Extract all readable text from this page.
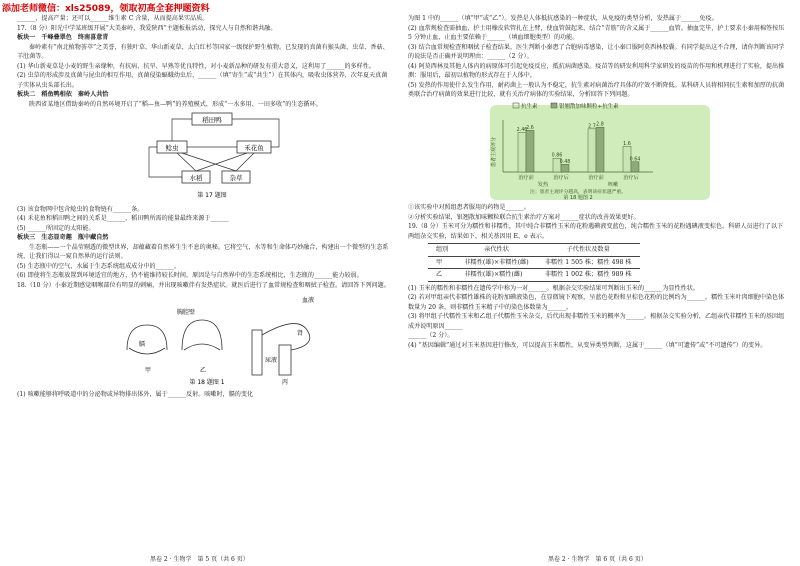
添加老师微信：xls25089，领取初高全套押题资料

______，提高产量；还可以______维生素 C 含量，从而提高果实品质。

17.（8 分）阳光中学某班级开展“大美秦岭，我爱陕西”主题板报活动，探究人与自然和谐共融。

板块一　千峰叠翠色　终南喜意青

秦岭素有“南北植物荟萃”之美誉，有独叶草、华山新麦草、太白红杉等国家一级保护野生植物。已发现的真菌有猴头菌、虫草、香菇、羊肚菌等。

(1) 华山新麦草是小麦的野生亲缘种，有抗病、抗旱、早熟等优良特性，对小麦新品种的研发有重大意义，这利用了______的多样性。

(2) 虫草的形成涉及真菌与昆虫的相互作用，真菌侵染蝠蛾幼虫后，______（填“寄生”或“共生”）在其体内，吸收虫体营养，次年夏天真菌子实体从虫头部长出。

板块二　稻鱼鸭相依　秦岭人共恰

陕西省某地区借助秦岭的自然环境开启了“稻—鱼—鸭”的养殖模式，形成“一水多用、一田多收”的生态循环。

稻田鸭
鲶虫	禾花鱼
水稻	杂草
第 17 题图

(3) 该食物网中包含鲶虫的食物链有______条。

(4) 禾花鱼和稻田鸭之间的关系是______，稻田鸭所需的能量最终来源于______

(5) ______所固定的太阳能。

板块三　生态显奇趣　瓶中藏自然

生态瓶——一个晶莹剔透的微型世界，却蕴藏着自然界生生不息的奥秘。它将空气、水等和生命体巧妙融合，构建出一个微型的生态系统，让我们得以一窥自然界的运行法则。

(5) 生态瓶中的空气、水属于生态系统组成成分中的______。

(6) 即使将生态瓶放置到环境适宜的地方，仍不能维持较长时间，原因是与自然界中的生态系统相比，生态瓶的______能力较弱。

18.（10 分）小秦近期感觉咽喉部位有明显的刺痛，并出现咳嗽伴有发热症状。就医后进行了血常规检查和咽拭子检查。请回答下列问题。

胸腔壁
膈
甲	乙
肾
尿液
丙
血液
第 18 题图 1

(1) 咳嗽能够将呼吸道中的分泌物或异物排出体外，属于______反射。咳嗽时，膈的变化

为图 1 中的______（填“甲”或“乙”）。发热是人体抵抗感染的一种症状，从免疫的类型分析，发热属于______免疫。

(2) 血常规检查需抽血，护士用橡皮软管扎在上臂，使血管鼓起来，结合“青筋”的含义属于______血管。抽血完毕，护士要求小秦用棉签按压 5 分钟止血，止血主要依赖于______（填血细胞类型）的功能。

(3) 结合血常规检查和咽拭子检查结果，医生判断小秦患了合胞病毒感染，让小秦口服阿莫西林胶囊。有同学提出这不合理，请你判断该同学的说法是否正确并说明理由：______（2 分）。

(4) 阿莫西林及其他人体内的病原体可引起免疫反应，抵抗病菌感染。疫苗等的研发利用科学家研发的疫苗的作用和机理进行了实验，提出推测：服用后，最初以植物的形式存在于人体中，

(5) 发热的作用使什么发生作用，耐药菌上一般认为不稳定，抗生素对病菌治疗具体的疗效不断降低。某科研人员将相同抗生素和加厚的抗菌类联合治疗病菌的效果进行比较，就有关治疗病体的实验结果，分析回答下列问题。

患者主观评分
抗生素	银翘散加味颗粒+抗生素
2.46
2.6
治疗前
0.86
0.48
治疗后
2.7 2.8
治疗前
1.6
0.64
治疗后
发热	咳嗽
注：患者主观评分越高，表明该症状越严重。
第 18 题图 2

①该实验中对照组患者服用的药物是______。

②分析实验结果，银翘散加味颗粒联合抗生素治疗方案对______症状的改善效果更好。

19.（8 分）玉米可分为糯性和非糯性，其中纯合非糯性玉米的花粉遇碘液变蓝色，纯合糯性玉米的花粉遇碘液变棕色。科研人员进行了以下两组杂交实验，结果如下，相关基因用 E、e 表示。

组别	亲代性状	子代性状及数量
甲	非糯性(雄)×非糯性(雌)	非糯性 1 505 株；糯性 498 株
乙	非糯性(雄)×糯性(雌)	非糯性 1 002 株；糯性 989 株

(1) 玉米的糯性和非糯性在遗传学中称为一对______。根据杂交实验结果可判断出玉米的______为显性性状。

(2) 若对甲组亲代非糯性雄株的花粉加碘液染色，在显微镜下观察，呈蓝色花粉和呈棕色花粉的比例约为______。糯性玉米叶肉细胞中染色体数量为 20 条，则非糯性玉米精子中的染色体数量为______。

(3) 将甲组子代糯性玉米和乙组子代糯性玉米杂交，后代出现非糯性玉米的概率为______。根据杂交实验分析，乙组亲代非糯性玉米的基因组成并说明原因______

______（2 分）。

(4) “基因编辑”通过对玉米基因进行修改，可以提高玉米糯性，从变异类型判断，这属于______（填“可遗传”或“不可遗传”）的变异。

黑卷 2 · 生物学　第 5 页（共 6 页）	黑卷 2 · 生物学　第 6 页（共 6 页）
